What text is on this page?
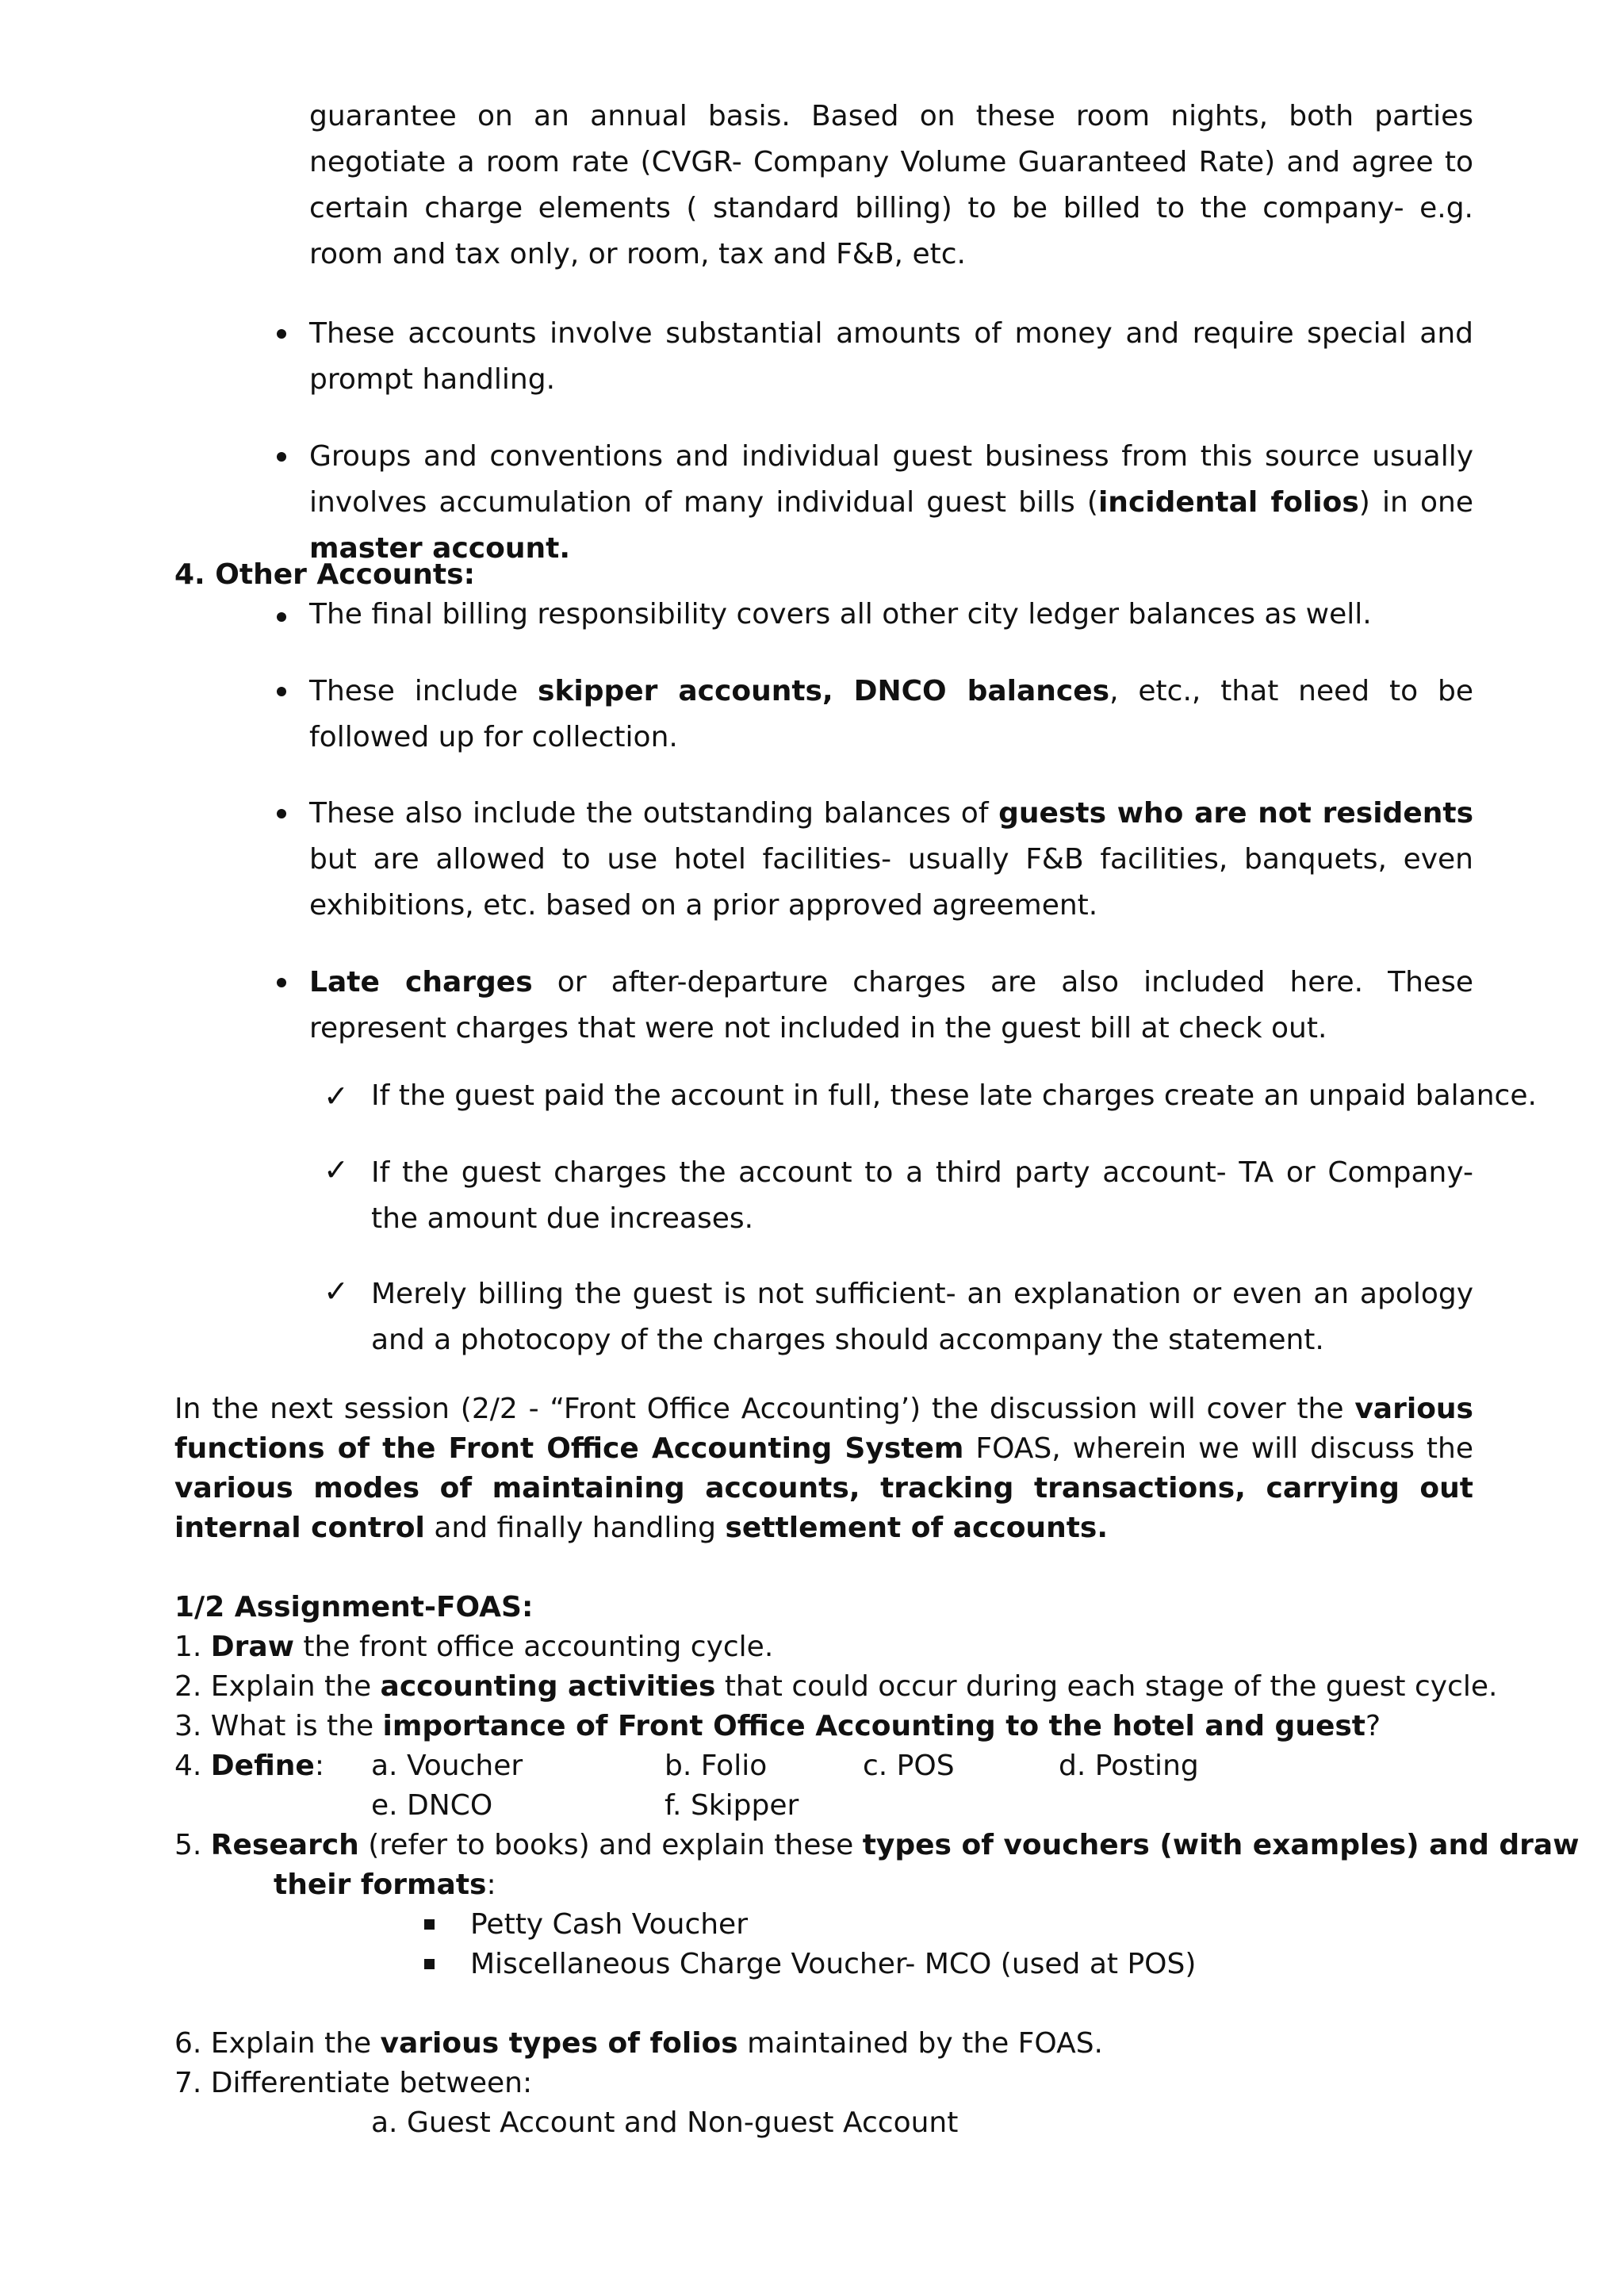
guarantee on an annual basis. Based on these room nights, both parties negotiate a room rate (CVGR- Company Volume Guaranteed Rate) and agree to certain charge elements ( standard billing) to be billed to the company- e.g. room and tax only, or room, tax and F&B, etc.

These accounts involve substantial amounts of money and require special and prompt handling.

Groups and conventions and individual guest business from this source usually involves accumulation of many individual guest bills (incidental folios) in one master account.

4. Other Accounts:

The final billing responsibility covers all other city ledger balances as well.

These include skipper accounts, DNCO balances, etc., that need to be followed up for collection.

These also include the outstanding balances of guests who are not residents but are allowed to use hotel facilities- usually F&B facilities, banquets, even exhibitions, etc. based on a prior approved agreement.

Late charges or after-departure charges are also included here. These represent charges that were not included in the guest bill at check out.

✓ If the guest paid the account in full, these late charges create an unpaid balance.

✓ If the guest charges the account to a third party account- TA or Company- the amount due increases.

✓ Merely billing the guest is not sufficient- an explanation or even an apology and a photocopy of the charges should accompany the statement.

In the next session (2/2 - “Front Office Accounting’) the discussion will cover the various functions of the Front Office Accounting System FOAS, wherein we will discuss the various modes of maintaining accounts, tracking transactions, carrying out internal control and finally handling settlement of accounts.

1/2 Assignment-FOAS:

1. Draw the front office accounting cycle.

2. Explain the accounting activities that could occur during each stage of the guest cycle.

3. What is the importance of Front Office Accounting to the hotel and guest?

4. Define: a. Voucher	b. Folio	c. POS	d. Posting

e. DNCO	f. Skipper

5. Research (refer to books) and explain these types of vouchers (with examples) and draw

their formats:

Petty Cash Voucher

Miscellaneous Charge Voucher- MCO (used at POS)

6. Explain the various types of folios maintained by the FOAS.

7. Differentiate between:

a. Guest Account and Non-guest Account
